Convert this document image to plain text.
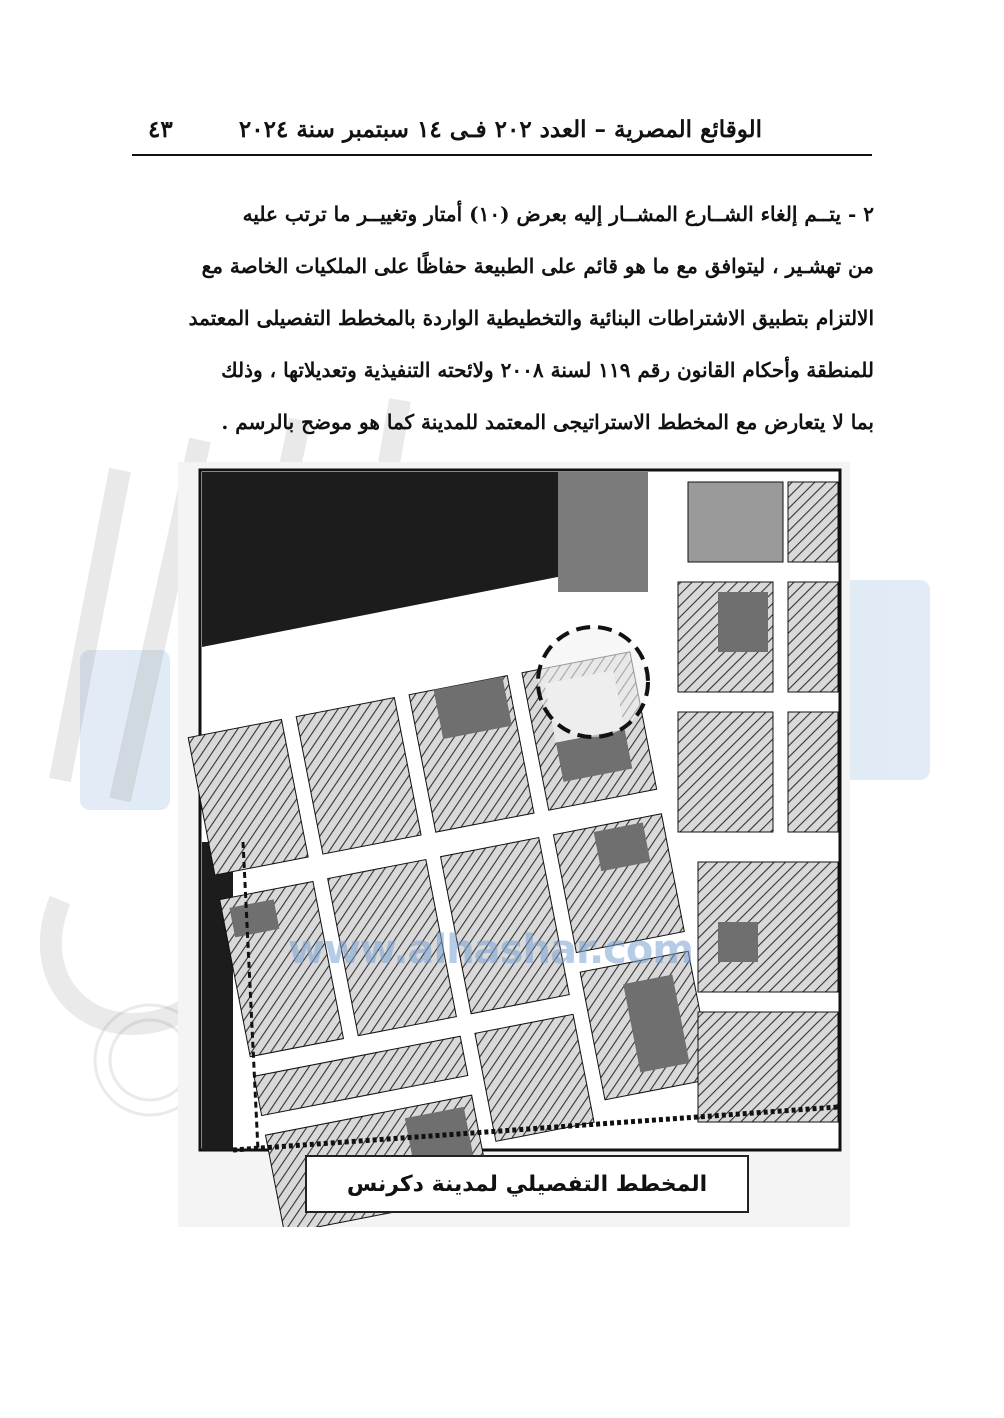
الوقائع المصرية – العدد ٢٠٢ فـى ١٤ سبتمبر سنة ٢٠٢٤
٤٣
٢ - يتــم إلغاء الشــارع المشــار إليه بعرض (١٠) أمتار وتغييــر ما ترتب عليه
من تهشـير ، ليتوافق مع ما هو قائم على الطبيعة حفاظًا على الملكيات الخاصة مع
الالتزام بتطبيق الاشتراطات البنائية والتخطيطية الواردة بالمخطط التفصيلى المعتمد
للمنطقة وأحكام القانون رقم ١١٩ لسنة ٢٠٠٨ ولائحته التنفيذية وتعديلاتها ، وذلك
بما لا يتعارض مع المخطط الاستراتيجى المعتمد للمدينة كما هو موضح بالرسم .
www.alhashar.com
المخطط التفصيلي لمدينة دكرنس
